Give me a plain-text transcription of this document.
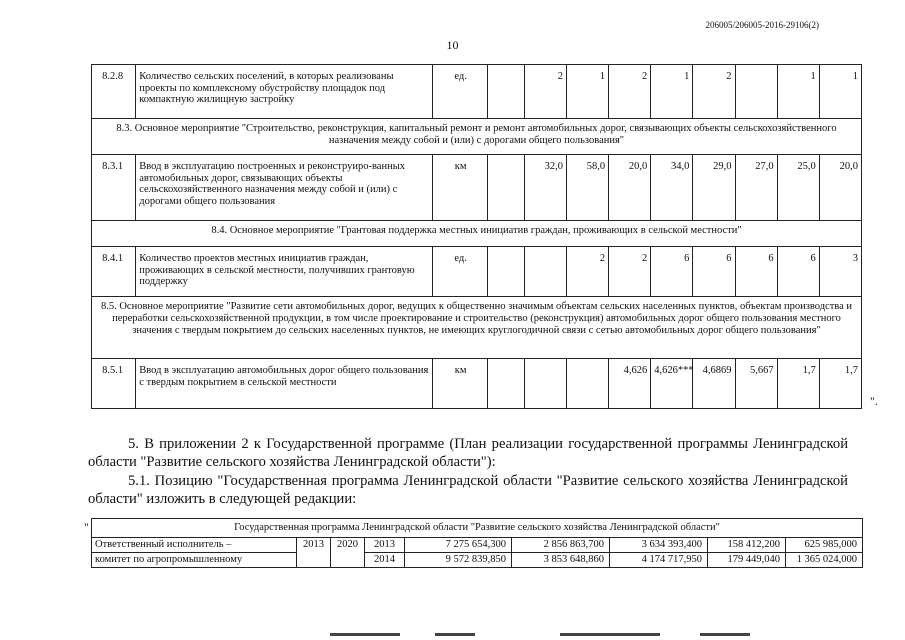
206005/206005-2016-29106(2)
10
8.2.8	Количество сельских поселений, в которых реализованы проекты по комплексному обустройству площадок под компактную жилищную застройку	ед.		2	1	2	1	2		1	1
8.3. Основное мероприятие "Строительство, реконструкция, капитальный ремонт и ремонт автомобильных дорог, связывающих объекты сельскохозяйственного назначения между собой и (или) с дорогами общего пользования"											
8.3.1	Ввод в эксплуатацию построенных и реконструиро-ванных автомобильных дорог, связывающих объекты сельскохозяйственного назначения между собой и (или) с дорогами общего пользования	км		32,0	58,0	20,0	34,0	29,0	27,0	25,0	20,0
8.4. Основное мероприятие "Грантовая поддержка местных инициатив граждан, проживающих в сельской местности"											
8.4.1	Количество проектов местных инициатив граждан, проживающих в сельской местности, получивших грантовую поддержку	ед.			2	2	6	6	6	6	3
8.5. Основное мероприятие "Развитие сети автомобильных дорог, ведущих к общественно значимым объектам сельских населенных пунктов, объектам производства и переработки сельскохозяйственной продукции, в том числе проектирование и строительство (реконструкция) автомобильных дорог общего пользования местного значения с твердым покрытием до сельских населенных пунктов, не имеющих круглогодичной связи с сетью автомобильных дорог общего пользования"											
8.5.1	Ввод в эксплуатацию автомобильных дорог общего пользования с твердым покрытием в сельской местности	км				4,626	4,626***	4,6869	5,667	1,7	1,7
".
5. В приложении 2 к Государственной программе (План реализации государственной программы Ленинградской области "Развитие сельского хозяйства Ленинградской области"):
5.1. Позицию "Государственная программа Ленинградской области "Развитие сельского хозяйства Ленинградской области" изложить в следующей редакции:
"	Государственная программа Ленинградской области "Развитие сельского хозяйства Ленинградской области"								
Ответственный исполнитель –	2013	2020	2013	7 275 654,300	2 856 863,700	3 634 393,400	158 412,200	625 985,000
комитет по агропромышленному			2014	9 572 839,850	3 853 648,860	4 174 717,950	179 449,040	1 365 024,000
